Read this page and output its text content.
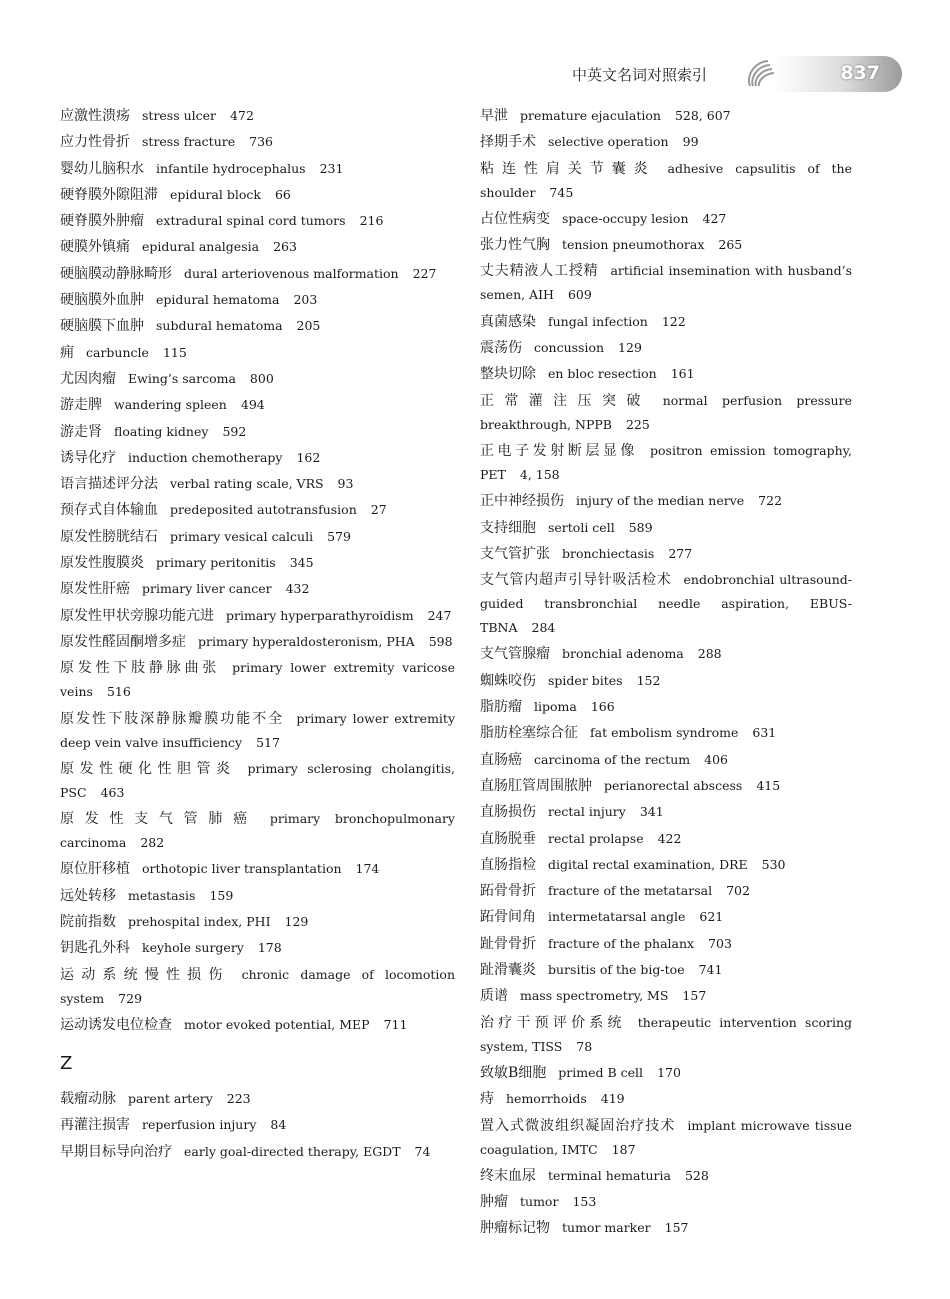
中英文名词对照索引	837
应激性溃疡 stress ulcer 472
应力性骨折 stress fracture 736
婴幼儿脑积水 infantile hydrocephalus 231
硬脊膜外隙阻滞 epidural block 66
硬脊膜外肿瘤 extradural spinal cord tumors 216
硬膜外镇痛 epidural analgesia 263
硬脑膜动静脉畸形 dural arteriovenous malformation 227
硬脑膜外血肿 epidural hematoma 203
硬脑膜下血肿 subdural hematoma 205
痈 carbuncle 115
尤因肉瘤 Ewing’s sarcoma 800
游走脾 wandering spleen 494
游走肾 floating kidney 592
诱导化疗 induction chemotherapy 162
语言描述评分法 verbal rating scale, VRS 93
预存式自体输血 predeposited autotransfusion 27
原发性膀胱结石 primary vesical calculi 579
原发性腹膜炎 primary peritonitis 345
原发性肝癌 primary liver cancer 432
原发性甲状旁腺功能亢进 primary hyperparathyroidism 247
原发性醛固酮增多症 primary hyperaldosteronism, PHA 598
原发性下肢静脉曲张 primary lower extremity varicose veins 516
原发性下肢深静脉瓣膜功能不全 primary lower extremity deep vein valve insufficiency 517
原发性硬化性胆管炎 primary sclerosing cholangitis, PSC 463
原发性支气管肺癌 primary bronchopulmonary carcinoma 282
原位肝移植 orthotopic liver transplantation 174
远处转移 metastasis 159
院前指数 prehospital index, PHI 129
钥匙孔外科 keyhole surgery 178
运动系统慢性损伤 chronic damage of locomotion system 729
运动诱发电位检查 motor evoked potential, MEP 711
Z
载瘤动脉 parent artery 223
再灌注损害 reperfusion injury 84
早期目标导向治疗 early goal-directed therapy, EGDT 74
早泄 premature ejaculation 528, 607
择期手术 selective operation 99
粘连性肩关节囊炎 adhesive capsulitis of the shoulder 745
占位性病变 space-occupy lesion 427
张力性气胸 tension pneumothorax 265
丈夫精液人工授精 artificial insemination with husband’s semen, AIH 609
真菌感染 fungal infection 122
震荡伤 concussion 129
整块切除 en bloc resection 161
正常灌注压突破 normal perfusion pressure breakthrough, NPPB 225
正电子发射断层显像 positron emission tomography, PET 4, 158
正中神经损伤 injury of the median nerve 722
支持细胞 sertoli cell 589
支气管扩张 bronchiectasis 277
支气管内超声引导针吸活检术 endobronchial ultrasound-guided transbronchial needle aspiration, EBUS-TBNA 284
支气管腺瘤 bronchial adenoma 288
蜘蛛咬伤 spider bites 152
脂肪瘤 lipoma 166
脂肪栓塞综合征 fat embolism syndrome 631
直肠癌 carcinoma of the rectum 406
直肠肛管周围脓肿 perianorectal abscess 415
直肠损伤 rectal injury 341
直肠脱垂 rectal prolapse 422
直肠指检 digital rectal examination, DRE 530
跖骨骨折 fracture of the metatarsal 702
跖骨间角 intermetatarsal angle 621
趾骨骨折 fracture of the phalanx 703
趾滑囊炎 bursitis of the big-toe 741
质谱 mass spectrometry, MS 157
治疗干预评价系统 therapeutic intervention scoring system, TISS 78
致敏B细胞 primed B cell 170
痔 hemorrhoids 419
置入式微波组织凝固治疗技术 implant microwave tissue coagulation, IMTC 187
终末血尿 terminal hematuria 528
肿瘤 tumor 153
肿瘤标记物 tumor marker 157
